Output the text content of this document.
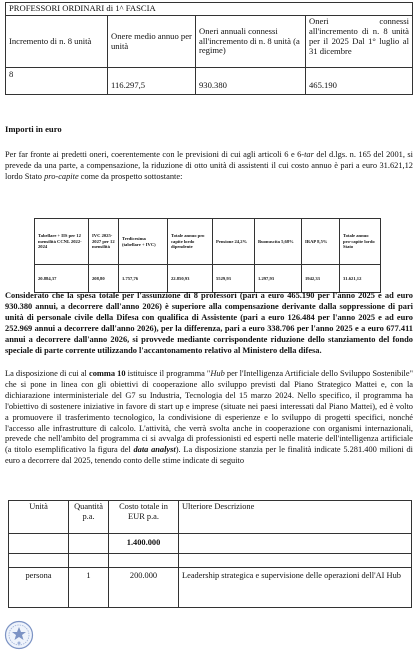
PROFESSORI ORDINARI di 1^ FASCIA			
Incremento di n. 8 unità	Onere medio annuo per unità	Oneri annuali connessi all'incremento di n. 8 unità (a regime)	Oneri connessi all'incremento di n. 8 unità per il 2025 Dal 1° luglio al 31 dicembre
8	116.297,5	930.380	465.190
Importi in euro
Per far fronte ai predetti oneri, coerentemente con le previsioni di cui agli articoli 6 e 6-tar del d.lgs. n. 165 del 2001, si prevede da una parte, a compensazione, la riduzione di otto unità di assistenti il cui costo annuo è pari a euro 31.621,12 lordo Stato pro-capite come da prospetto sottostante:
Tabellare + IIS per 12 mensilità CCNL 2022-2024	IVC 2025-2027 per 12 mensilità	Tredicesima (tabellare + IVC)	Totale annuo pro capite lordo dipendente	Pensione 24,2%	Buonuscita 5,68%	IRAP 8,5%	Totale annuo pro-capite lordo Stato
20.884,37	208,80	1.757,76	22.850,93	5529,93	1.297,93	1942,33	31.621,12
Considerato che la spesa totale per l'assunzione di 8 professori (pari a euro 465.190 per l'anno 2025 e ad euro 930.380 annui, a decorrere dall'anno 2026) è superiore alla compensazione derivante dalla soppressione di pari unità di personale civile della Difesa con qualifica di Assistente (pari a euro 126.484 per l'anno 2025 e ad euro 252.969 annui a decorrere dall'anno 2026), per la differenza, pari a euro 338.706 per l'anno 2025 e a euro 677.411 annui a decorrere dall'anno 2026, si provvede mediante corrispondente riduzione dello stanziamento del fondo speciale di parte corrente utilizzando l'accantonamento relativo al Ministero della difesa.
La disposizione di cui al comma 10 istituisce il programma "Hub per l'Intelligenza Artificiale dello Sviluppo Sostenibile" che si pone in linea con gli obiettivi di cooperazione allo sviluppo previsti dal Piano Strategico Mattei e, con la dichiarazione interministeriale del G7 su Industria, Tecnologia del 15 marzo 2024. Nello specifico, il programma ha l'obiettivo di sostenere iniziative in favore di start up e imprese (situate nei paesi interessati dal Piano Mattei), ed è volto a promuovere il trasferimento tecnologico, la condivisione di esperienze e lo sviluppo di progetti specifici, nonché l'accesso alle infrastrutture di calcolo. L'attività, che verrà svolta anche in cooperazione con organismi internazionali, prevede che nell'ambito del programma ci si avvalga di professionisti ed esperti nelle materie dell'intelligenza artificiale (a titolo esemplificativo la figura del data analyst). La disposizione stanzia per le finalità indicate 5.281.400 milioni di euro a decorrere dal 2025, tenendo conto delle stime indicate di seguito
Unità	Quantità p.a.	Costo totale in EUR p.a.	Ulteriore Descrizione
		1.400.000	

persona	1	200.000	Leadership strategica e supervisione delle operazioni dell'AI Hub
